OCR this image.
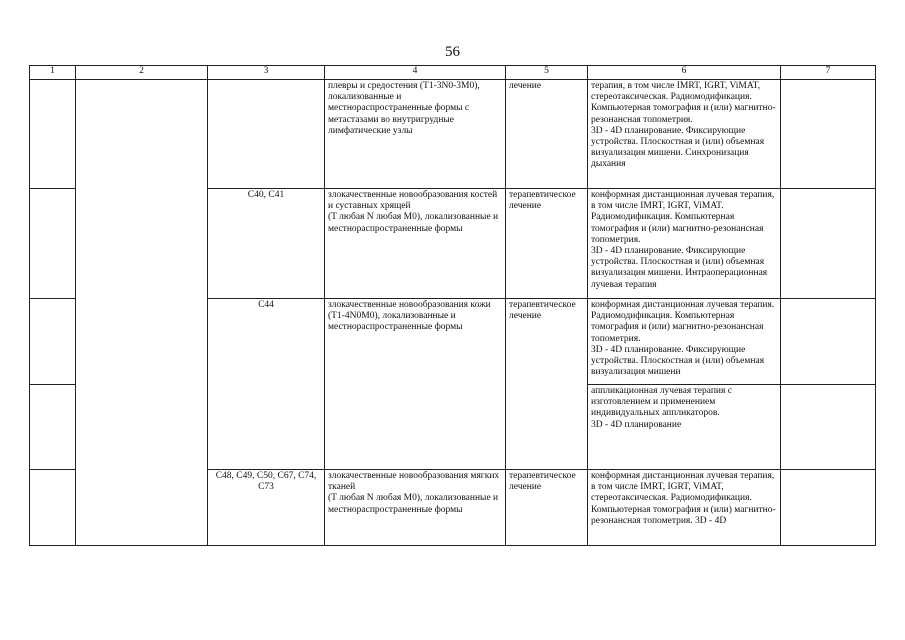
56
1	2	3	4	5	6	7
			плевры и средостения (T1-3N0-3M0), локализованные и местнораспространенные формы с метастазами во внутригрудные лимфатические узлы	лечение	терапия, в том числе IMRT, IGRT, ViMAT, стереотаксическая. Радиомодификация. Компьютерная томография и (или) магнитно-резонансная топометрия.
3D - 4D планирование. Фиксирующие устройства. Плоскостная и (или) объемная визуализация мишени. Синхронизация дыхания	
		C40, C41	злокачественные новообразования костей и суставных хрящей
(T любая N любая M0), локализованные и местнораспространенные формы	терапевтическое лечение	конформная дистанционная лучевая терапия, в том числе IMRT, IGRT, ViMAT. Радиомодификация. Компьютерная томография и (или) магнитно-резонансная топометрия.
3D - 4D планирование. Фиксирующие устройства. Плоскостная и (или) объемная визуализация мишени. Интраоперационная лучевая терапия	
		C44	злокачественные новообразования кожи (T1-4N0M0), локализованные и местнораспространенные формы	терапевтическое лечение	конформная дистанционная лучевая терапия. Радиомодификация. Компьютерная томография и (или) магнитно-резонансная топометрия.
3D - 4D планирование. Фиксирующие устройства. Плоскостная и (или) объемная визуализация мишени	
					аппликационная лучевая терапия с изготовлением и применением индивидуальных аппликаторов.
3D - 4D планирование	
		C48, C49, C50, C67, C74, C73	злокачественные новообразования мягких тканей
(T любая N любая M0), локализованные и местнораспространенные формы	терапевтическое лечение	конформная дистанционная лучевая терапия, в том числе IMRT, IGRT, ViMAT, стереотаксическая. Радиомодификация. Компьютерная томография и (или) магнитно-резонансная топометрия. 3D - 4D	
